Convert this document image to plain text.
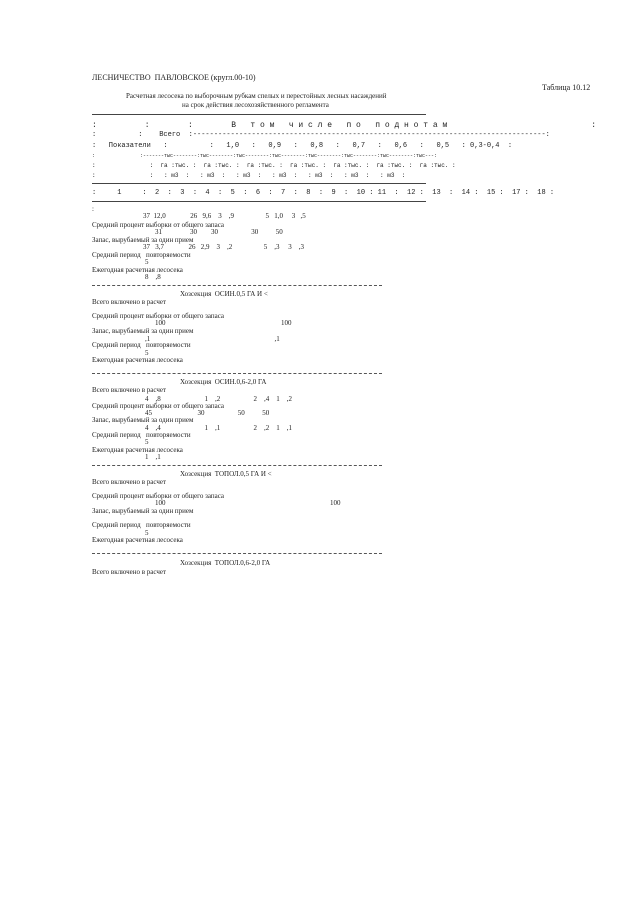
ЛЕСНИЧЕСТВО  ПАВЛОВСКОЕ (кругл.00-10)
Таблица 10.12
Расчетная лесосека по выборочным рубкам спелых и перестойных лесных насаждений
на срок действия лесохозяйственного регламента
:          :        :        В   т о м   ч и с л е   п о   п о д н о т а м                              :
:          :    Всего  :------------------------------------------------------------------------------------:
:   Показатели   :          :   1,0   :   0,9   :   0,8   :   0,7   :   0,6   :   0,5   : 0,3-0,4  :
:               :-------тыс--------:тыс--------:тыс--------:тыс--------:тыс--------:тыс--------:тыс--------:тыс---:
:               :  га :тыс. :  га :тыс. :  га :тыс. :  га :тыс. :  га :тыс. :  га :тыс. :  га :тыс. :
:               :   : м3  :   : м3  :   : м3  :   : м3  :   : м3  :   : м3  :   : м3  :
:     1     :  2  :  3  :  4  :  5  :  6  :  7  :  8  :  9  :  10 : 11  :  12 :  13  :  14 :  15 :  17 :  18 :
:
37  12,0              26   9,6    3    ,9                  5   1,0     3   ,5
Средний процент выборки от общего запаса
31                30        30                   30          50
Запас, вырубаемый за один прием
37   3,7              26   2,9    3    ,2                  5    ,3     3    ,3
Средний период   повторяемости
5
Ежегодная расчетная лесосека
8    ,8
Хозсекция  ОСИН.0,5 ГА И <
Всего включено в расчет
Средний процент выборки от общего запаса
100                                                                  100
Запас, вырубаемый за один прием
,1                                                                       ,1
Средний период   повторяемости
5
Ежегодная расчетная лесосека
Хозсекция  ОСИН.0,6-2,0 ГА
Всего включено в расчет
4    ,8                         1    ,2                   2    ,4    1    ,2
Средний процент выборки от общего запаса
45                          30                   50          50
Запас, вырубаемый за один прием
4    ,4                         1    ,1                   2    ,2    1    ,1
Средний период   повторяемости
5
Ежегодная расчетная лесосека
1    ,1
Хозсекция  ТОПОЛ.0,5 ГА И <
Всего включено в расчет
Средний процент выборки от общего запаса
100                                                                                              100
Запас, вырубаемый за один прием
Средний период   повторяемости
5
Ежегодная расчетная лесосека
Хозсекция  ТОПОЛ.0,6-2,0 ГА
Всего включено в расчет
